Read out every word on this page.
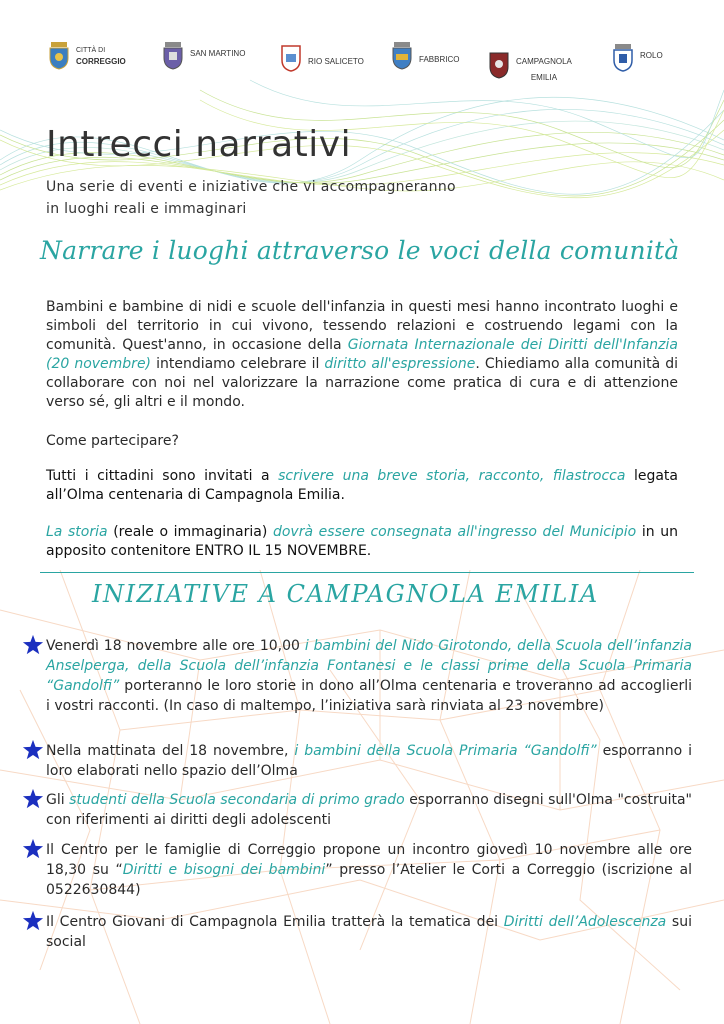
CITTÀ DI
CORREGGIO
SAN MARTINO
RIO SALICETO	FABBRICO	CAMPAGNOLA
EMILIA
ROLO
Intrecci narrativi
Una serie di eventi e iniziative che vi accompagneranno
in luoghi reali e immaginari
Narrare i luoghi attraverso le voci della comunità

Bambini e bambine di nidi e scuole dell'infanzia in questi mesi hanno incontrato luoghi e simboli del territorio in cui vivono, tessendo relazioni e costruendo legami con la comunità. Quest'anno, in occasione della Giornata Internazionale dei Diritti dell'Infanzia (20 novembre) intendiamo celebrare il diritto all'espressione. Chiediamo alla comunità di collaborare con noi nel valorizzare la narrazione come pratica di cura e di attenzione verso sé, gli altri e il mondo.

Come partecipare?

Tutti i cittadini sono invitati a scrivere una breve storia, racconto, filastrocca legata all’Olma centenaria di Campagnola Emilia.

La storia (reale o immaginaria) dovrà essere consegnata all'ingresso del Municipio in un apposito contenitore ENTRO IL 15 NOVEMBRE.

INIZIATIVE A CAMPAGNOLA EMILIA

Venerdì 18 novembre alle ore 10,00 i bambini del Nido Girotondo, della Scuola dell’infanzia Anselperga, della Scuola dell’infanzia Fontanesi e le classi prime della Scuola Primaria “Gandolfi” porteranno le loro storie in dono all’Olma centenaria e troveranno ad accoglierli i vostri racconti. (In caso di maltempo, l’iniziativa sarà rinviata al 23 novembre)

Nella mattinata del 18 novembre, i bambini della Scuola Primaria “Gandolfi” esporranno i loro elaborati nello spazio dell’Olma

Gli studenti della Scuola secondaria di primo grado esporranno disegni sull'Olma "costruita" con riferimenti ai diritti degli adolescenti

Il Centro per le famiglie di Correggio propone un incontro giovedì 10 novembre alle ore 18,30 su “Diritti e bisogni dei bambini” presso l’Atelier le Corti a Correggio (iscrizione al 0522630844)

Il Centro Giovani di Campagnola Emilia tratterà la tematica dei Diritti dell’Adolescenza sui social
